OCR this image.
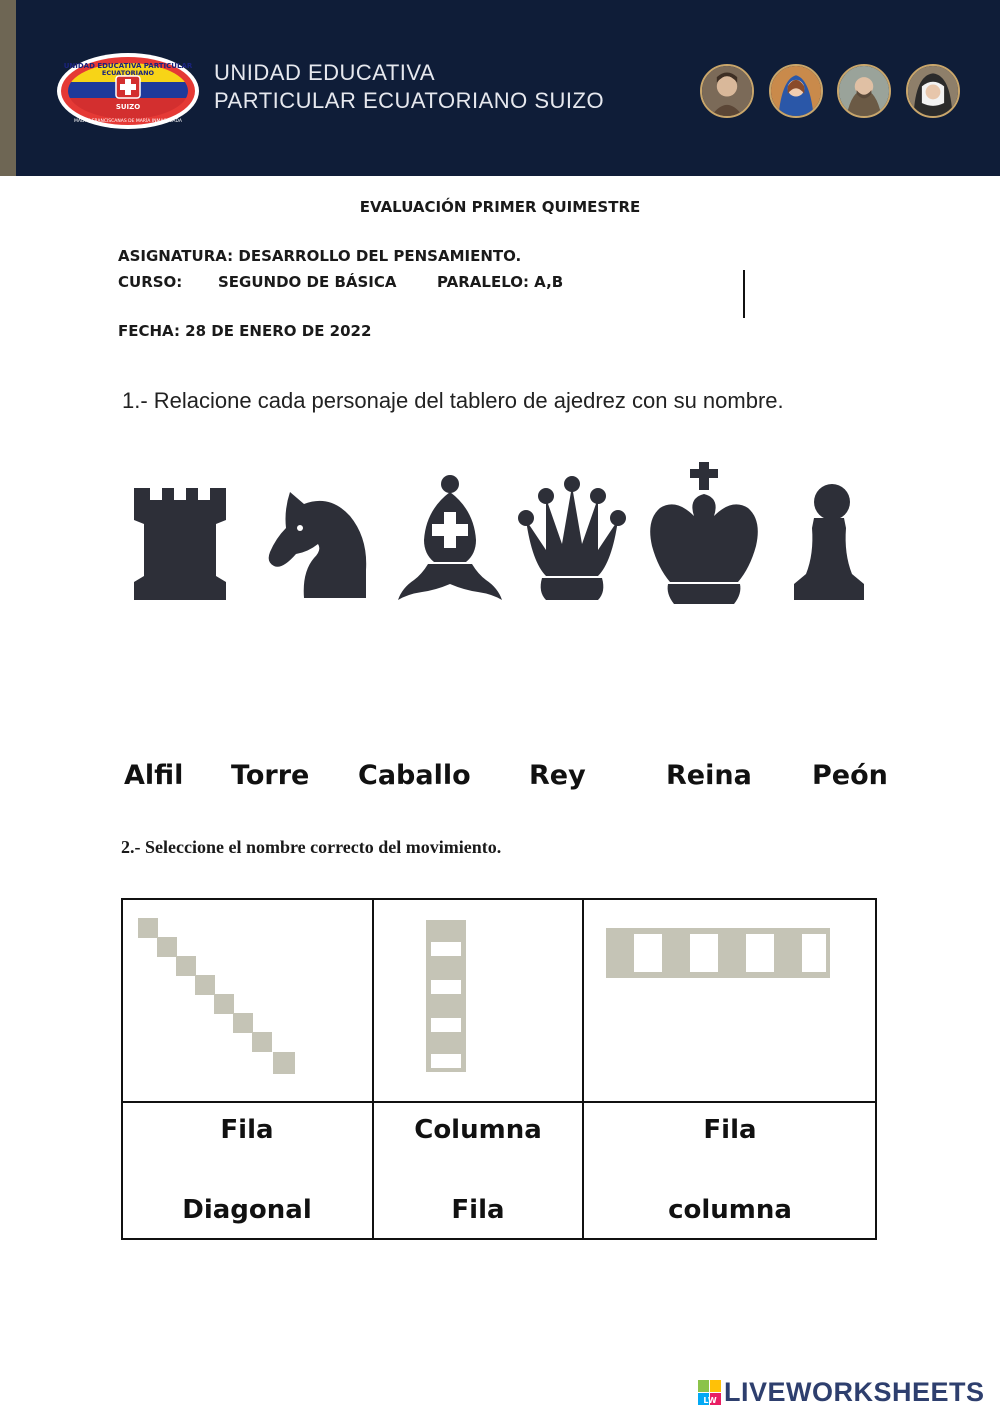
UNIDAD EDUCATIVA PARTICULAR
ECUATORIANO
SUIZO
MADRE FRANCISCANAS DE MARÍA INMACULADA
UNIDAD EDUCATIVA
PARTICULAR ECUATORIANO SUIZO
EVALUACIÓN PRIMER QUIMESTRE
ASIGNATURA: DESARROLLO DEL PENSAMIENTO.
CURSO: SEGUNDO DE BÁSICA	PARALELO: A,B
FECHA: 28 DE ENERO DE 2022
1.- Relacione cada personaje del tablero de ajedrez con su nombre.
Alfil Torre Caballo Rey	Reina Peón
2.- Seleccione el nombre correcto del movimiento.
Fila
Diagonal
Columna
Fila
Fila
columna
LW LIVEWORKSHEETS
